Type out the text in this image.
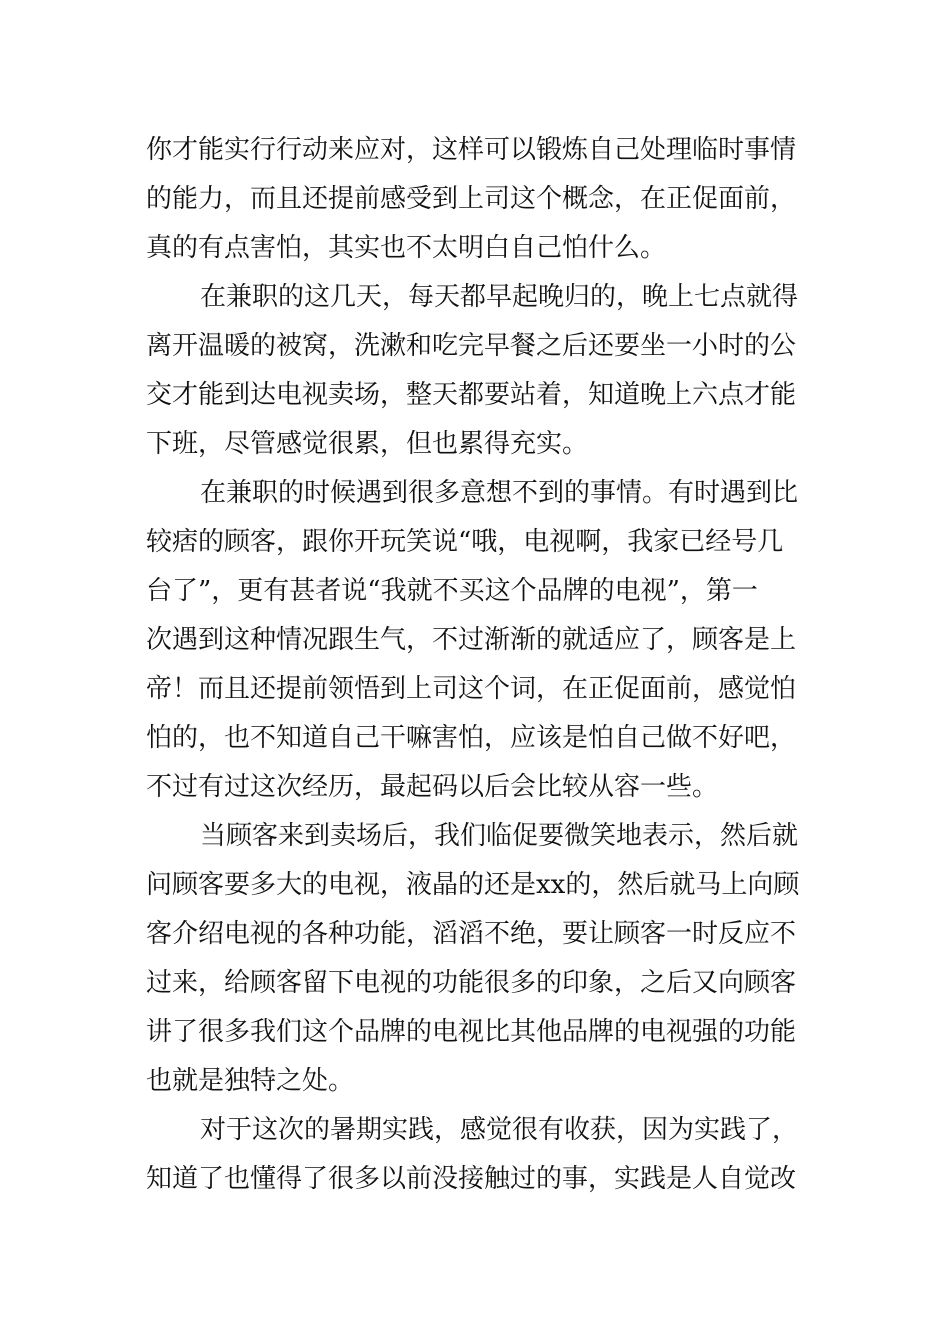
你才能实行行动来应对，这样可以锻炼自己处理临时事情
的能力，而且还提前感受到上司这个概念，在正促面前，
真的有点害怕，其实也不太明白自己怕什么。
在兼职的这几天，每天都早起晚归的，晚上七点就得
离开温暖的被窝，洗漱和吃完早餐之后还要坐一小时的公
交才能到达电视卖场，整天都要站着，知道晚上六点才能
下班，尽管感觉很累，但也累得充实。
在兼职的时候遇到很多意想不到的事情。有时遇到比
较痞的顾客，跟你开玩笑说“哦，电视啊，我家已经号几
台了”，更有甚者说“我就不买这个品牌的电视”，第一
次遇到这种情况跟生气，不过渐渐的就适应了，顾客是上
帝！而且还提前领悟到上司这个词，在正促面前，感觉怕
怕的，也不知道自己干嘛害怕，应该是怕自己做不好吧，
不过有过这次经历，最起码以后会比较从容一些。
当顾客来到卖场后，我们临促要微笑地表示，然后就
问顾客要多大的电视，液晶的还是xx的，然后就马上向顾
客介绍电视的各种功能，滔滔不绝，要让顾客一时反应不
过来，给顾客留下电视的功能很多的印象，之后又向顾客
讲了很多我们这个品牌的电视比其他品牌的电视强的功能
也就是独特之处。
对于这次的暑期实践，感觉很有收获，因为实践了，
知道了也懂得了很多以前没接触过的事，实践是人自觉改
